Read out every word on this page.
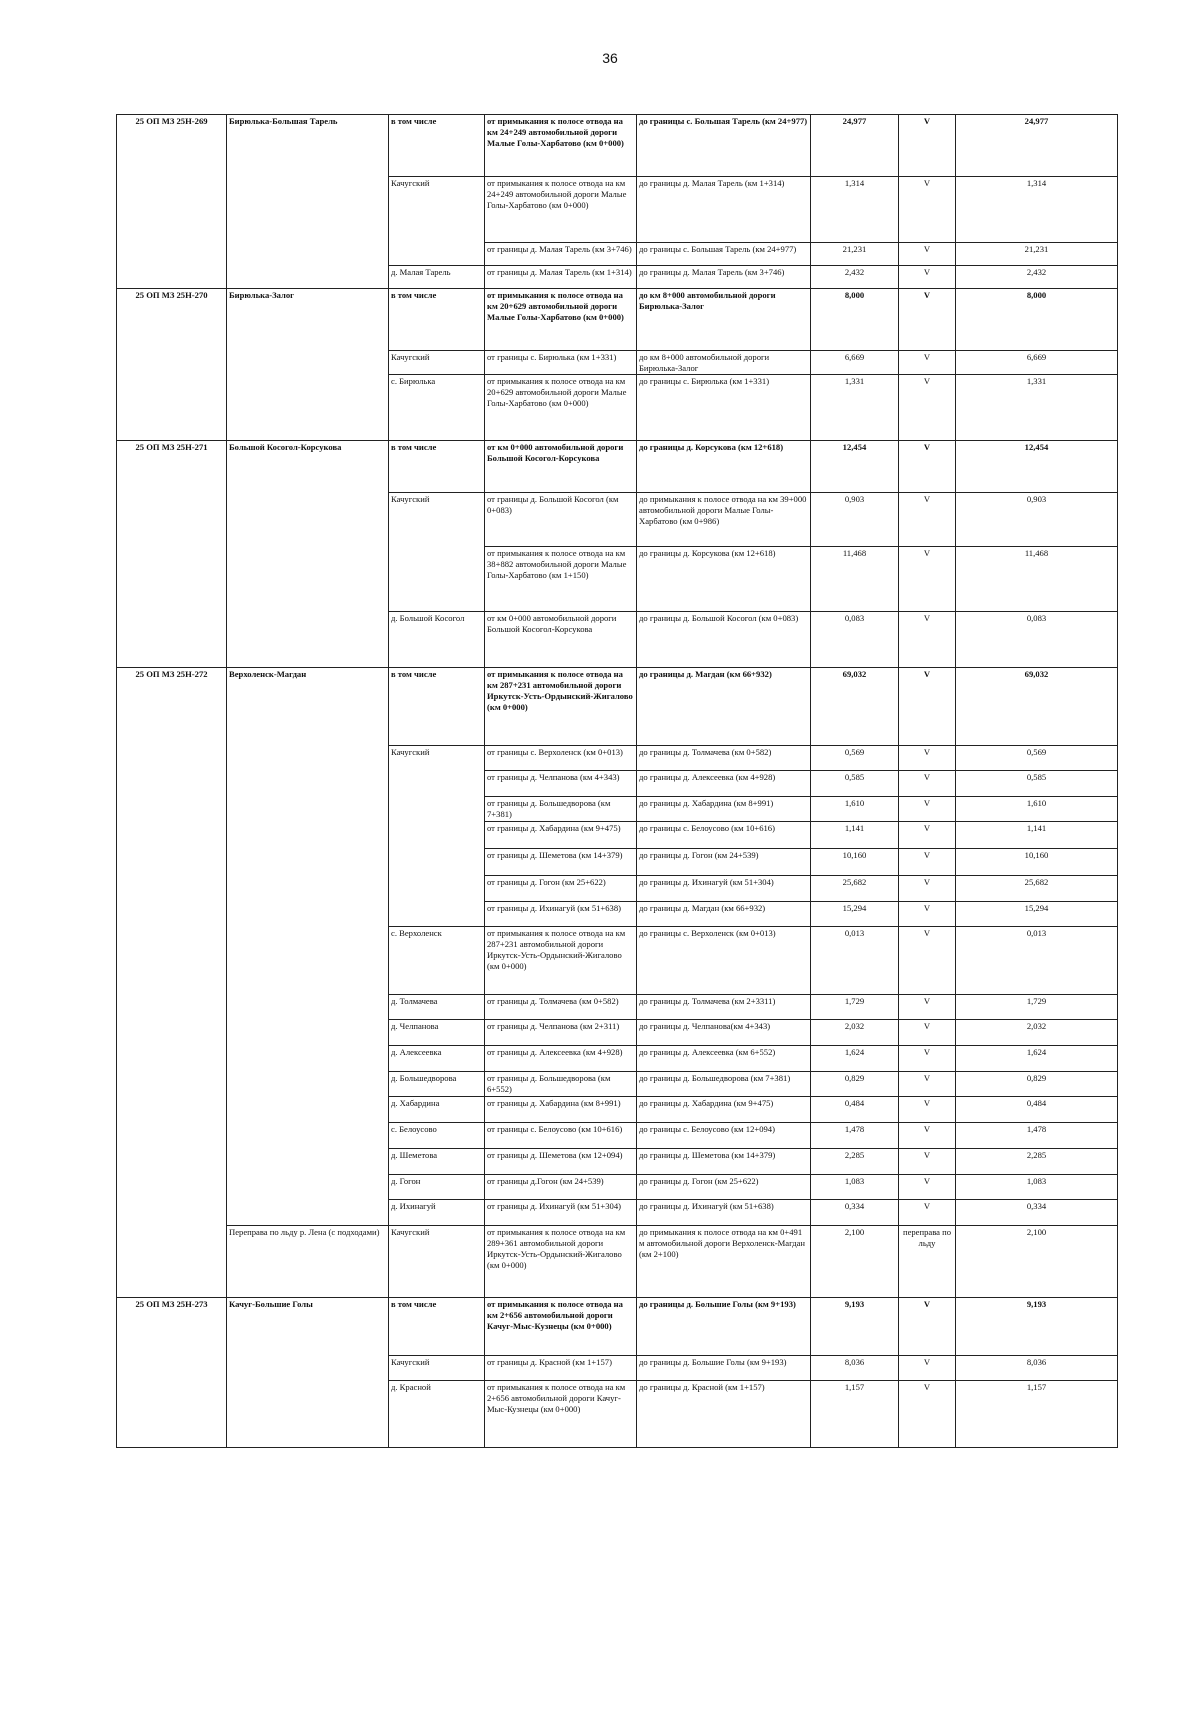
36
25 ОП МЗ 25Н-269	Бирюлька-Большая Тарель	в том числе	от примыкания к полосе отвода на км 24+249 автомобильной дороги Малые Голы-Харбатово (км 0+000)	до границы с. Большая Тарель (км 24+977)	24,977	V	24,977
		Качугский	от примыкания к полосе отвода на км 24+249 автомобильной дороги Малые Голы-Харбатово (км 0+000)	до границы д. Малая Тарель (км 1+314)	1,314	V	1,314
			от границы д. Малая Тарель (км 3+746)	до границы с. Большая Тарель (км 24+977)	21,231	V	21,231
		д. Малая Тарель	от границы д. Малая Тарель (км 1+314)	до границы д. Малая Тарель (км 3+746)	2,432	V	2,432
25 ОП МЗ 25Н-270	Бирюлька-Залог	в том числе	от примыкания к полосе отвода на км 20+629 автомобильной дороги Малые Голы-Харбатово (км 0+000)	до км 8+000 автомобильной дороги Бирюлька-Залог	8,000	V	8,000
		Качугский	от границы с. Бирюлька (км 1+331)	до км 8+000 автомобильной дороги Бирюлька-Залог	6,669	V	6,669
		с. Бирюлька	от примыкания к полосе отвода на км 20+629 автомобильной дороги Малые Голы-Харбатово (км 0+000)	до границы с. Бирюлька (км 1+331)	1,331	V	1,331
25 ОП МЗ 25Н-271	Большой Косогол-Корсукова	в том числе	от км 0+000 автомобильной дороги Большой Косогол-Корсукова	до границы д. Корсукова (км 12+618)	12,454	V	12,454
		Качугский	от границы д. Большой Косогол (км 0+083)	до примыкания к полосе отвода на км 39+000 автомобильной дороги Малые Голы-Харбатово (км 0+986)	0,903	V	0,903
			от примыкания к полосе отвода на км 38+882 автомобильной дороги Малые Голы-Харбатово (км 1+150)	до границы д. Корсукова (км 12+618)	11,468	V	11,468
		д. Большой Косогол	от км 0+000 автомобильной дороги Большой Косогол-Корсукова	до границы д. Большой Косогол (км 0+083)	0,083	V	0,083
25 ОП МЗ 25Н-272	Верхоленск-Магдан	в том числе	от примыкания к полосе отвода на км 287+231 автомобильной дороги Иркутск-Усть-Ордынский-Жигалово (км 0+000)	до границы д. Магдан (км 66+932)	69,032	V	69,032
		Качугский	от границы с. Верхоленск (км 0+013)	до границы д. Толмачева (км 0+582)	0,569	V	0,569
			от границы д. Челпанова (км 4+343)	до границы д. Алексеевка (км 4+928)	0,585	V	0,585
			от границы д. Большедворова (км 7+381)	до границы д. Хабардина (км 8+991)	1,610	V	1,610
			от границы д. Хабардина (км 9+475)	до границы с. Белоусово (км 10+616)	1,141	V	1,141
			от границы д. Шеметова (км 14+379)	до границы д. Гогон (км 24+539)	10,160	V	10,160
			от границы д. Гогон (км 25+622)	до границы д. Ихинагуй (км 51+304)	25,682	V	25,682
			от границы д. Ихинагуй (км 51+638)	до границы д. Магдан (км 66+932)	15,294	V	15,294
		с. Верхоленск	от примыкания к полосе отвода на км 287+231 автомобильной дороги Иркутск-Усть-Ордынский-Жигалово (км 0+000)	до границы с. Верхоленск (км 0+013)	0,013	V	0,013
		д. Толмачева	от границы д. Толмачева (км 0+582)	до границы д. Толмачева (км 2+3311)	1,729	V	1,729
		д. Челпанова	от границы д. Челпанова (км 2+311)	до границы д. Челпанова(км 4+343)	2,032	V	2,032
		д. Алексеевка	от границы д. Алексеевка (км 4+928)	до границы д. Алексеевка (км 6+552)	1,624	V	1,624
		д. Большедворова	от границы д. Большедворова (км 6+552)	до границы д. Большедворова (км 7+381)	0,829	V	0,829
		д. Хабардина	от границы д. Хабардина (км 8+991)	до границы д. Хабардина (км 9+475)	0,484	V	0,484
		с. Белоусово	от границы с. Белоусово (км 10+616)	до границы с. Белоусово (км 12+094)	1,478	V	1,478
		д. Шеметова	от границы д. Шеметова (км 12+094)	до границы д. Шеметова (км 14+379)	2,285	V	2,285
		д. Гогон	от границы д.Гогон (км 24+539)	до границы д. Гогон (км 25+622)	1,083	V	1,083
		д. Ихинагуй	от границы д. Ихинагуй (км 51+304)	до границы д. Ихинагуй (км 51+638)	0,334	V	0,334
	Переправа по льду р. Лена (с подходами)	Качугский	от примыкания к полосе отвода на км 289+361 автомобильной дороги Иркутск-Усть-Ордынский-Жигалово (км 0+000)	до примыкания к полосе отвода на км 0+491 м автомобильной дороги Верхоленск-Магдан (км 2+100)	2,100	переправа по льду	2,100
25 ОП МЗ 25Н-273	Качуг-Большие Голы	в том числе	от примыкания к полосе отвода на км 2+656 автомобильной дороги Качуг-Мыс-Кузнецы (км 0+000)	до границы д. Большие Голы (км 9+193)	9,193	V	9,193
		Качугский	от границы д. Красной (км 1+157)	до границы д. Большие Голы (км 9+193)	8,036	V	8,036
		д. Красной	от примыкания к полосе отвода на км 2+656 автомобильной дороги Качуг-Мыс-Кузнецы (км 0+000)	до границы д. Красной (км 1+157)	1,157	V	1,157
